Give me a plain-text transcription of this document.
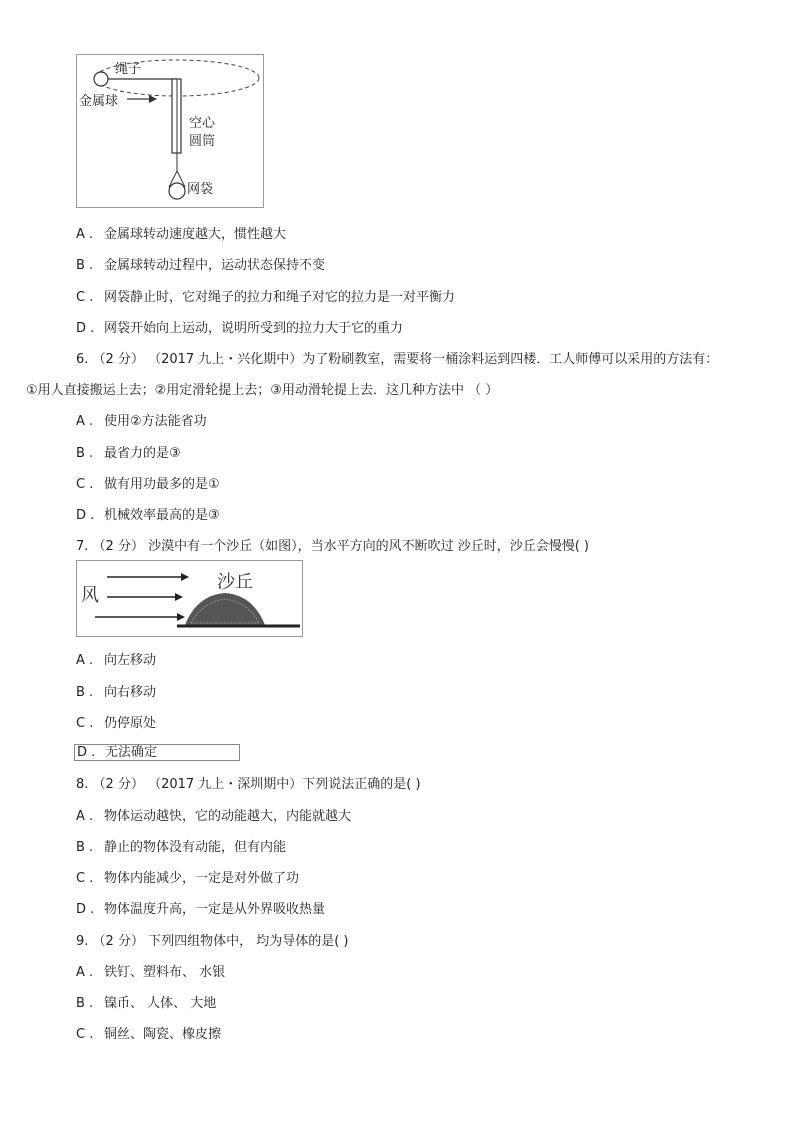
绳子
金属球
空心
圆筒
网袋
A . 金属球转动速度越大，惯性越大
B . 金属球转动过程中，运动状态保持不变
C . 网袋静止时，它对绳子的拉力和绳子对它的拉力是一对平衡力
D . 网袋开始向上运动，说明所受到的拉力大于它的重力
6. （2 分） （2017 九上・兴化期中）为了粉刷教室，需要将一桶涂料运到四楼．工人师傅可以采用的方法有：
①用人直接搬运上去；②用定滑轮提上去；③用动滑轮提上去．这几种方法中 （ ）
A . 使用②方法能省功
B . 最省力的是③
C . 做有用功最多的是①
D . 机械效率最高的是③
7. （2 分） 沙漠中有一个沙丘（如图），当水平方向的风不断吹过 沙丘时，沙丘会慢慢( )
风
沙丘
A . 向左移动
B . 向右移动
C . 仍停原处
D . 无法确定
8. （2 分） （2017 九上・深圳期中）下列说法正确的是( )
A . 物体运动越快，它的动能越大，内能就越大
B . 静止的物体没有动能，但有内能
C . 物体内能减少，一定是对外做了功
D . 物体温度升高，一定是从外界吸收热量
9. （2 分） 下列四组物体中， 均为导体的是( )
A . 铁钉、塑料布、 水银
B . 镍币、 人体、 大地
C . 铜丝、陶瓷、橡皮擦
